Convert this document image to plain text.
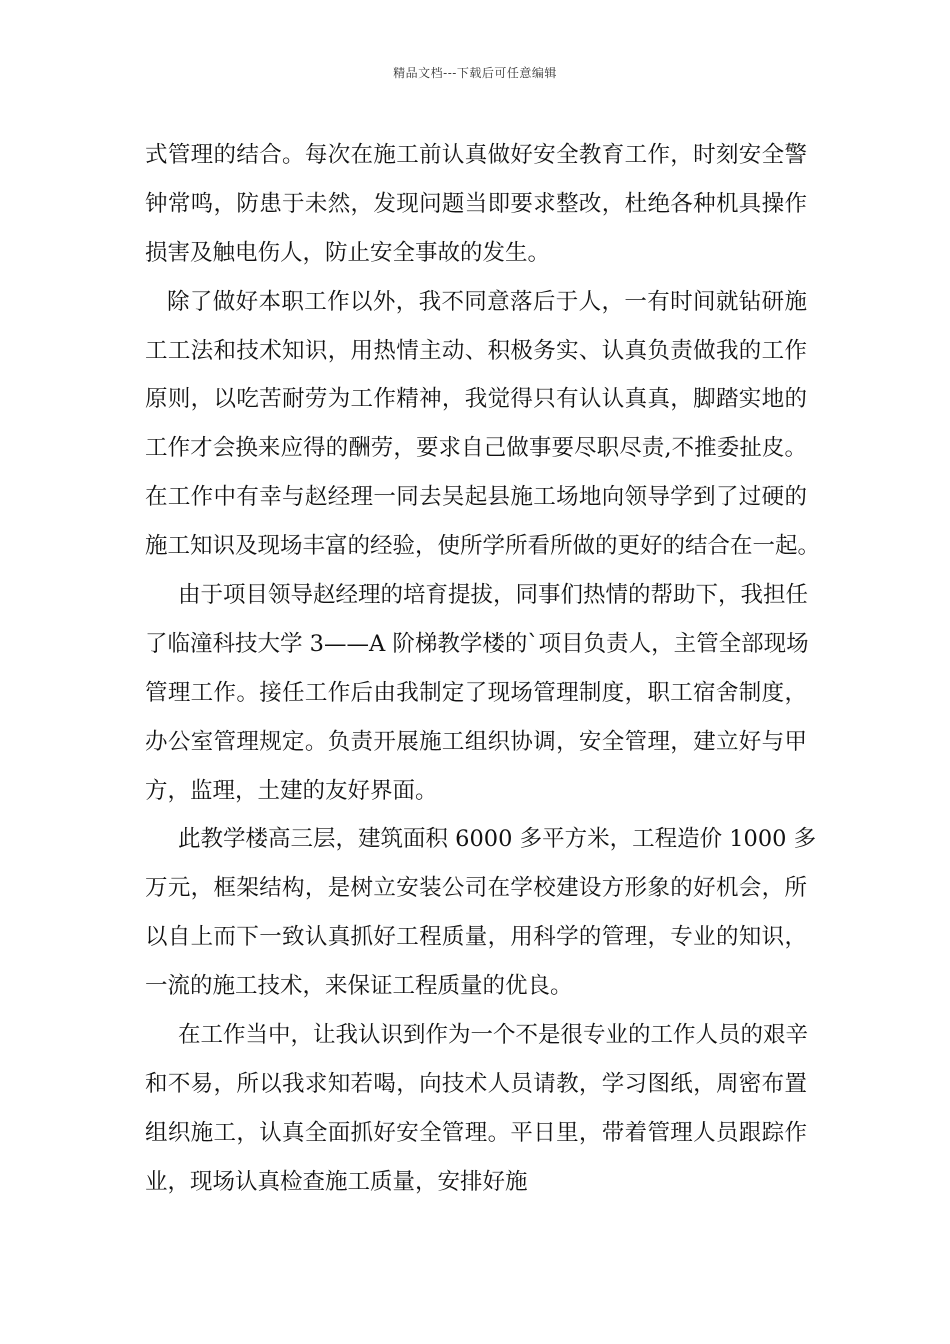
精品文档---下载后可任意编辑
式管理的结合。每次在施工前认真做好安全教育工作，时刻安全警
钟常鸣，防患于未然，发现问题当即要求整改，杜绝各种机具操作
损害及触电伤人，防止安全事故的发生。
除了做好本职工作以外，我不同意落后于人，一有时间就钻研施
工工法和技术知识，用热情主动、积极务实、认真负责做我的工作
原则，以吃苦耐劳为工作精神，我觉得只有认认真真，脚踏实地的
工作才会换来应得的酬劳，要求自己做事要尽职尽责,不推委扯皮。
在工作中有幸与赵经理一同去吴起县施工场地向领导学到了过硬的
施工知识及现场丰富的经验，使所学所看所做的更好的结合在一起。
由于项目领导赵经理的培育提拔，同事们热情的帮助下，我担任
了临潼科技大学 3——A 阶梯教学楼的`项目负责人，主管全部现场
管理工作。接任工作后由我制定了现场管理制度，职工宿舍制度，
办公室管理规定。负责开展施工组织协调，安全管理，建立好与甲
方，监理，土建的友好界面。
此教学楼高三层，建筑面积 6000 多平方米，工程造价 1000 多
万元，框架结构，是树立安装公司在学校建设方形象的好机会，所
以自上而下一致认真抓好工程质量，用科学的管理，专业的知识，
一流的施工技术，来保证工程质量的优良。
在工作当中，让我认识到作为一个不是很专业的工作人员的艰辛
和不易，所以我求知若喝，向技术人员请教，学习图纸，周密布置
组织施工，认真全面抓好安全管理。平日里，带着管理人员跟踪作
业，现场认真检查施工质量，安排好施
